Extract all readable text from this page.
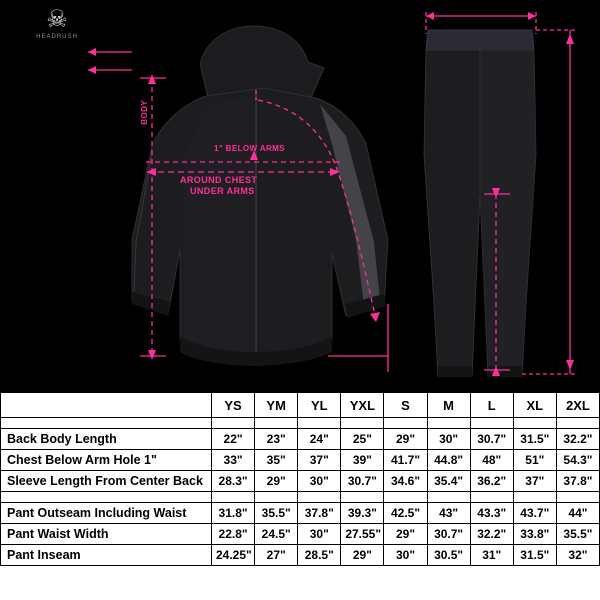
☠
HEADRUSH
BODY
1" BELOW ARMS
AROUND CHEST
UNDER ARMS
	YS	YM	YL	YXL	S	M	L	XL	2XL

Back Body Length	22"	23"	24"	25"	29"	30"	30.7"	31.5"	32.2"
Chest Below Arm Hole 1"	33"	35"	37"	39"	41.7"	44.8"	48"	51"	54.3"
Sleeve Length From Center Back	28.3"	29"	30"	30.7"	34.6"	35.4"	36.2"	37"	37.8"

Pant Outseam Including Waist	31.8"	35.5"	37.8"	39.3"	42.5"	43"	43.3"	43.7"	44"
Pant Waist Width	22.8"	24.5"	30"	27.55"	29"	30.7"	32.2"	33.8"	35.5"
Pant Inseam	24.25"	27"	28.5"	29"	30"	30.5"	31"	31.5"	32"
